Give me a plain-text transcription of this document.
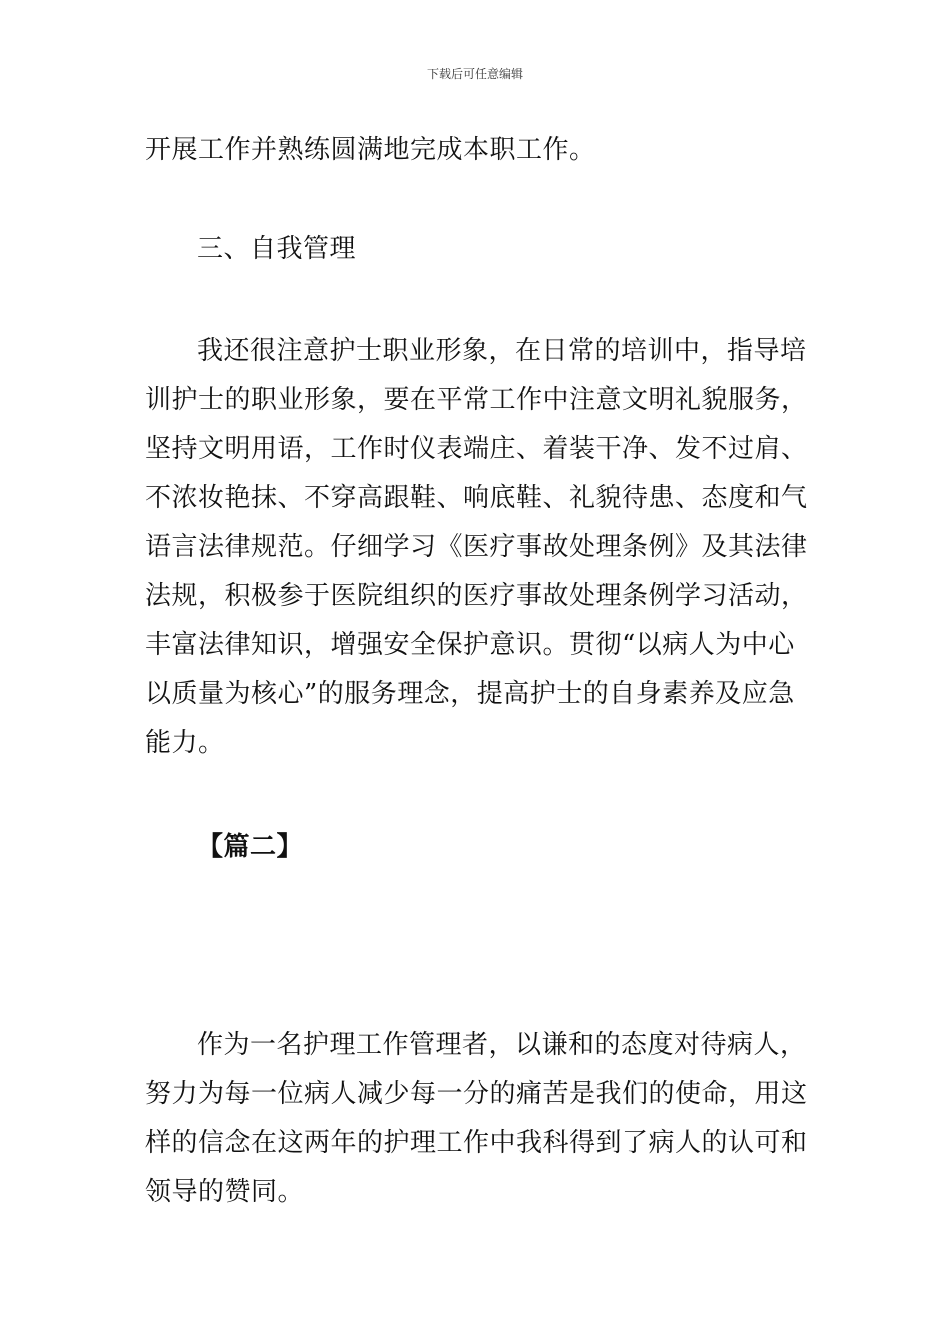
下载后可任意编辑

开展工作并熟练圆满地完成本职工作。

三、自我管理

我还很注意护士职业形象，在日常的培训中，指导培

训护士的职业形象，要在平常工作中注意文明礼貌服务，

坚持文明用语，工作时仪表端庄、着装干净、发不过肩、

不浓妆艳抹、不穿高跟鞋、响底鞋、礼貌待患、态度和气

语言法律规范。仔细学习《医疗事故处理条例》及其法律

法规，积极参于医院组织的医疗事故处理条例学习活动，

丰富法律知识，增强安全保护意识。贯彻“以病人为中心

以质量为核心”的服务理念，提高护士的自身素养及应急

能力。

【篇二】

作为一名护理工作管理者，以谦和的态度对待病人，

努力为每一位病人减少每一分的痛苦是我们的使命，用这

样的信念在这两年的护理工作中我科得到了病人的认可和

领导的赞同。
